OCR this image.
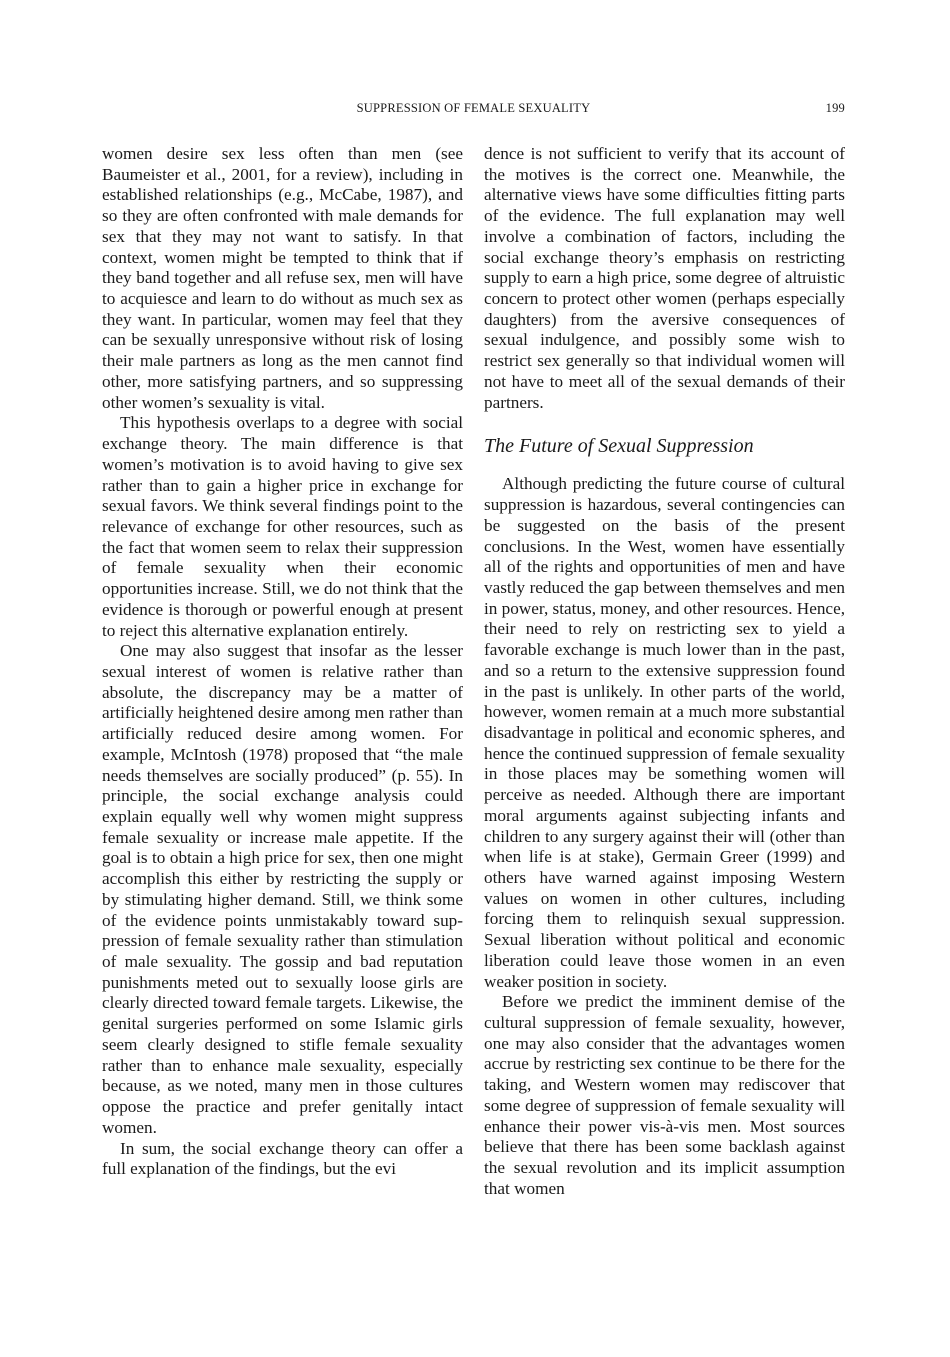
SUPPRESSION OF FEMALE SEXUALITY	199

women desire sex less often than men (see Baumeister et al., 2001, for a review), including in established relationships (e.g., McCabe, 1987), and so they are often confronted with male demands for sex that they may not want to satisfy. In that context, women might be tempted to think that if they band together and all refuse sex, men will have to acquiesce and learn to do without as much sex as they want. In particular, women may feel that they can be sexually unresponsive without risk of losing their male partners as long as the men cannot find other, more satisfying partners, and so suppressing other women’s sexuality is vital.

This hypothesis overlaps to a degree with social exchange theory. The main difference is that women’s motivation is to avoid having to give sex rather than to gain a higher price in exchange for sexual favors. We think several findings point to the relevance of exchange for other resources, such as the fact that women seem to relax their suppression of female sexuality when their economic opportunities increase. Still, we do not think that the evidence is thorough or powerful enough at present to reject this alternative explanation entirely.

One may also suggest that insofar as the lesser sexual interest of women is relative rather than absolute, the discrepancy may be a matter of artificially heightened desire among men rather than artificially reduced desire among women. For example, McIntosh (1978) proposed that “the male needs themselves are socially produced” (p. 55). In principle, the social exchange analysis could explain equally well why women might suppress female sexuality or increase male appetite. If the goal is to obtain a high price for sex, then one might accomplish this either by restricting the supply or by stimulating higher demand. Still, we think some of the evidence points unmistakably toward suppression of female sexuality rather than stimulation of male sexuality. The gossip and bad reputation punishments meted out to sexually loose girls are clearly directed toward female targets. Likewise, the genital surgeries performed on some Islamic girls seem clearly designed to stifle female sexuality rather than to enhance male sexuality, especially because, as we noted, many men in those cultures oppose the practice and prefer genitally intact women.

In sum, the social exchange theory can offer a full explanation of the findings, but the evi

dence is not sufficient to verify that its account of the motives is the correct one. Meanwhile, the alternative views have some difficulties fitting parts of the evidence. The full explanation may well involve a combination of factors, including the social exchange theory’s emphasis on restricting supply to earn a high price, some degree of altruistic concern to protect other women (perhaps especially daughters) from the aversive consequences of sexual indulgence, and possibly some wish to restrict sex generally so that individual women will not have to meet all of the sexual demands of their partners.

The Future of Sexual Suppression

Although predicting the future course of cultural suppression is hazardous, several contingencies can be suggested on the basis of the present conclusions. In the West, women have essentially all of the rights and opportunities of men and have vastly reduced the gap between themselves and men in power, status, money, and other resources. Hence, their need to rely on restricting sex to yield a favorable exchange is much lower than in the past, and so a return to the extensive suppression found in the past is unlikely. In other parts of the world, however, women remain at a much more substantial disadvantage in political and economic spheres, and hence the continued suppression of female sexuality in those places may be something women will perceive as needed. Although there are important moral arguments against subjecting infants and children to any surgery against their will (other than when life is at stake), Germain Greer (1999) and others have warned against imposing Western values on women in other cultures, including forcing them to relinquish sexual suppression. Sexual liberation without political and economic liberation could leave those women in an even weaker position in society.

Before we predict the imminent demise of the cultural suppression of female sexuality, however, one may also consider that the advantages women accrue by restricting sex continue to be there for the taking, and Western women may rediscover that some degree of suppression of female sexuality will enhance their power vis-à-vis men. Most sources believe that there has been some backlash against the sexual revolution and its implicit assumption that women
